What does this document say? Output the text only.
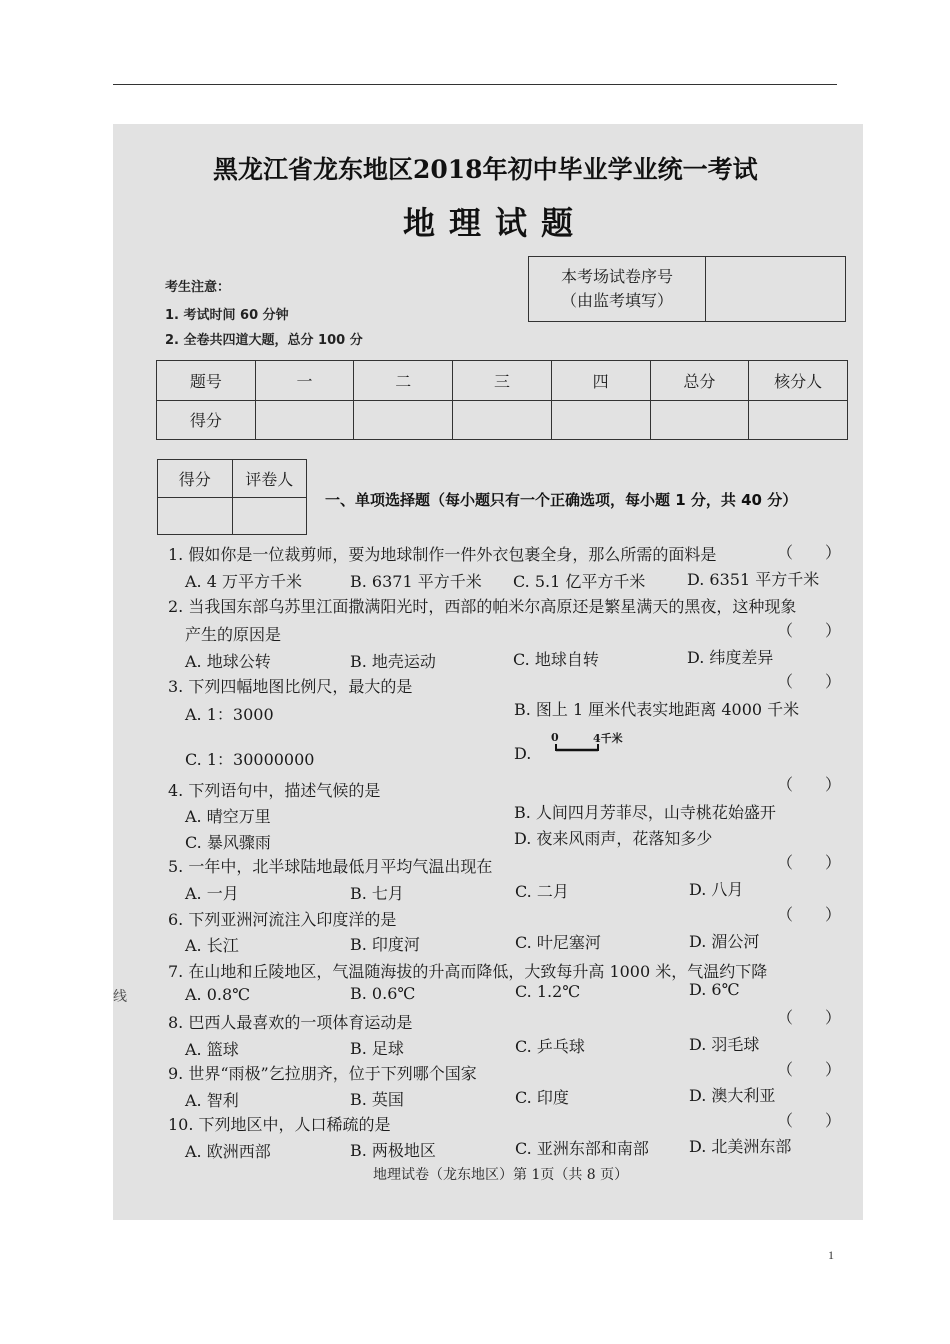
黑龙江省龙东地区2018年初中毕业学业统一考试
地理试题
考生注意：
1. 考试时间 60 分钟
2. 全卷共四道大题，总分 100 分
本考场试卷序号
（由监考填写）
题号	一	二	三	四	总分	核分人
得分						
得分	评卷人

一、单项选择题（每小题只有一个正确选项，每小题 1 分，共 40 分）
1. 假如你是一位裁剪师，要为地球制作一件外衣包裹全身，那么所需的面料是	（　　）
A. 4 万平方千米	B. 6371 平方千米 C. 5.1 亿平方千米	D. 6351 平方千米
2. 当我国东部乌苏里江面撒满阳光时，西部的帕米尔高原还是繁星满天的黑夜，这种现象
产生的原因是	（　　）
A. 地球公转	B. 地壳运动	C. 地球自转	D. 纬度差异
3. 下列四幅地图比例尺，最大的是	（　　）
A. 1：3000	B. 图上 1 厘米代表实地距离 4000 千米
C. 1：30000000	D.
0	4千米
4. 下列语句中，描述气候的是	（　　）
A. 晴空万里	B. 人间四月芳菲尽，山寺桃花始盛开
C. 暴风骤雨	D. 夜来风雨声，花落知多少
5. 一年中，北半球陆地最低月平均气温出现在	（　　）
A. 一月	B. 七月	C. 二月	D. 八月
6. 下列亚洲河流注入印度洋的是	（　　）
A. 长江	B. 印度河	C. 叶尼塞河	D. 湄公河
7. 在山地和丘陵地区，气温随海拔的升高而降低，大致每升高 1000 米，气温约下降
A. 0.8℃	B. 0.6℃	C. 1.2℃	D. 6℃
线
8. 巴西人最喜欢的一项体育运动是	（　　）
A. 篮球	B. 足球	C. 乒乓球	D. 羽毛球
9. 世界“雨极”乞拉朋齐，位于下列哪个国家	（　　）
A. 智利	B. 英国	C. 印度	D. 澳大利亚
10. 下列地区中，人口稀疏的是	（　　）
A. 欧洲西部	B. 两极地区	C. 亚洲东部和南部	D. 北美洲东部
地理试卷（龙东地区）第 1页（共 8 页）
1
